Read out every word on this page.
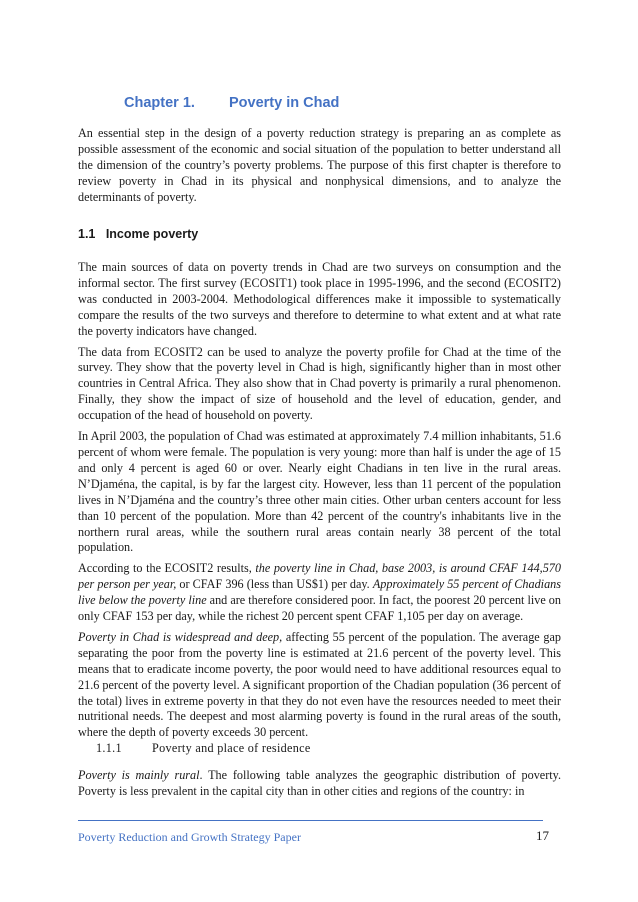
Chapter 1. Poverty in Chad

An essential step in the design of a poverty reduction strategy is preparing an as complete as possible assessment of the economic and social situation of the population to better understand all the dimension of the country’s poverty problems. The purpose of this first chapter is therefore to review poverty in Chad in its physical and nonphysical dimensions, and to analyze the determinants of poverty.

1.1 Income poverty

The main sources of data on poverty trends in Chad are two surveys on consumption and the informal sector. The first survey (ECOSIT1) took place in 1995-1996, and the second (ECOSIT2) was conducted in 2003-2004. Methodological differences make it impossible to systematically compare the results of the two surveys and therefore to determine to what extent and at what rate the poverty indicators have changed.

The data from ECOSIT2 can be used to analyze the poverty profile for Chad at the time of the survey. They show that the poverty level in Chad is high, significantly higher than in most other countries in Central Africa. They also show that in Chad poverty is primarily a rural phenomenon. Finally, they show the impact of size of household and the level of education, gender, and occupation of the head of household on poverty.

In April 2003, the population of Chad was estimated at approximately 7.4 million inhabitants, 51.6 percent of whom were female. The population is very young: more than half is under the age of 15 and only 4 percent is aged 60 or over. Nearly eight Chadians in ten live in the rural areas. N’Djaména, the capital, is by far the largest city. However, less than 11 percent of the population lives in N’Djaména and the country’s three other main cities. Other urban centers account for less than 10 percent of the population. More than 42 percent of the country's inhabitants live in the northern rural areas, while the southern rural areas contain nearly 38 percent of the total population.

According to the ECOSIT2 results, the poverty line in Chad, base 2003, is around CFAF 144,570 per person per year, or CFAF 396 (less than US$1) per day. Approximately 55 percent of Chadians live below the poverty line and are therefore considered poor. In fact, the poorest 20 percent live on only CFAF 153 per day, while the richest 20 percent spent CFAF 1,105 per day on average.

Poverty in Chad is widespread and deep, affecting 55 percent of the population. The average gap separating the poor from the poverty line is estimated at 21.6 percent of the poverty level. This means that to eradicate income poverty, the poor would need to have additional resources equal to 21.6 percent of the poverty level. A significant proportion of the Chadian population (36 percent of the total) lives in extreme poverty in that they do not even have the resources needed to meet their nutritional needs. The deepest and most alarming poverty is found in the rural areas of the south, where the depth of poverty exceeds 30 percent.

1.1.1 Poverty and place of residence

Poverty is mainly rural. The following table analyzes the geographic distribution of poverty. Poverty is less prevalent in the capital city than in other cities and regions of the country: in

Poverty Reduction and Growth Strategy Paper	17
